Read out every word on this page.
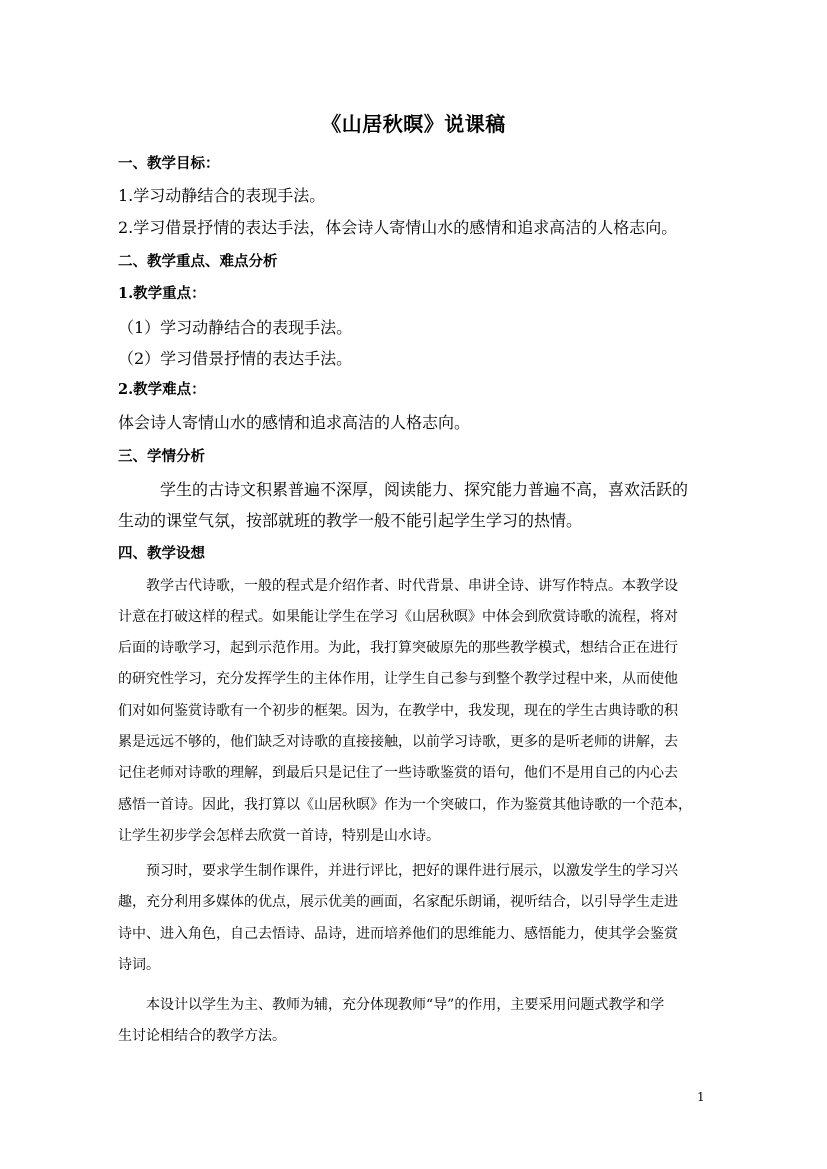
《山居秋暝》说课稿
一、教学目标：
1.学习动静结合的表现手法。
2.学习借景抒情的表达手法，体会诗人寄情山水的感情和追求高洁的人格志向。
二、教学重点、难点分析
1.教学重点：
（1）学习动静结合的表现手法。
（2）学习借景抒情的表达手法。
2.教学难点：
体会诗人寄情山水的感情和追求高洁的人格志向。
三、学情分析
学生的古诗文积累普遍不深厚，阅读能力、探究能力普遍不高，喜欢活跃的
生动的课堂气氛，按部就班的教学一般不能引起学生学习的热情。
四、教学设想
教学古代诗歌，一般的程式是介绍作者、时代背景、串讲全诗、讲写作特点。本教学设
计意在打破这样的程式。如果能让学生在学习《山居秋暝》中体会到欣赏诗歌的流程，将对
后面的诗歌学习，起到示范作用。为此，我打算突破原先的那些教学模式，想结合正在进行
的研究性学习，充分发挥学生的主体作用，让学生自己参与到整个教学过程中来，从而使他
们对如何鉴赏诗歌有一个初步的框架。因为，在教学中，我发现，现在的学生古典诗歌的积
累是远远不够的，他们缺乏对诗歌的直接接触，以前学习诗歌，更多的是听老师的讲解，去
记住老师对诗歌的理解，到最后只是记住了一些诗歌鉴赏的语句，他们不是用自己的内心去
感悟一首诗。因此，我打算以《山居秋暝》作为一个突破口，作为鉴赏其他诗歌的一个范本，
让学生初步学会怎样去欣赏一首诗，特别是山水诗。
预习时，要求学生制作课件，并进行评比，把好的课件进行展示，以激发学生的学习兴
趣，充分利用多媒体的优点，展示优美的画面，名家配乐朗诵，视听结合，以引导学生走进
诗中、进入角色，自己去悟诗、品诗，进而培养他们的思维能力、感悟能力，使其学会鉴赏
诗词。
本设计以学生为主、教师为辅，充分体现教师“导”的作用，主要采用问题式教学和学
生讨论相结合的教学方法。
1
